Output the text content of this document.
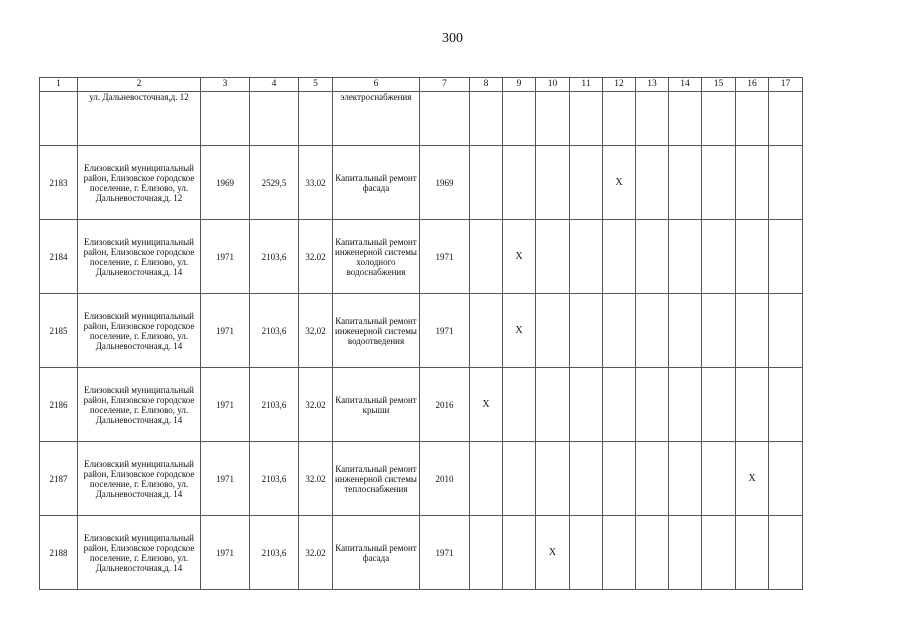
300
1	2	3	4	5	6	7	8	9	10	11	12	13	14	15	16	17
	ул. Дальневосточная,д. 12				электроснабжения											
2183	Елизовский муниципальный район, Елизовское городское поселение, г. Елизово, ул. Дальневосточная,д. 12	1969	2529,5	33.02	Капитальный ремонт фасада	1969					X					
2184	Елизовский муниципальный район, Елизовское городское поселение, г. Елизово, ул. Дальневосточная,д. 14	1971	2103,6	32.02	Капитальный ремонт инженерной системы холодного водоснабжения	1971		X								
2185	Елизовский муниципальный район, Елизовское городское поселение, г. Елизово, ул. Дальневосточная,д. 14	1971	2103,6	32.02	Капитальный ремонт инженерной системы водоотведения	1971		X								
2186	Елизовский муниципальный район, Елизовское городское поселение, г. Елизово, ул. Дальневосточная,д. 14	1971	2103,6	32.02	Капитальный ремонт крыши	2016	X									
2187	Елизовский муниципальный район, Елизовское городское поселение, г. Елизово, ул. Дальневосточная,д. 14	1971	2103,6	32.02	Капитальный ремонт инженерной системы теплоснабжения	2010									X	
2188	Елизовский муниципальный район, Елизовское городское поселение, г. Елизово, ул. Дальневосточная,д. 14	1971	2103,6	32.02	Капитальный ремонт фасада	1971			X							
